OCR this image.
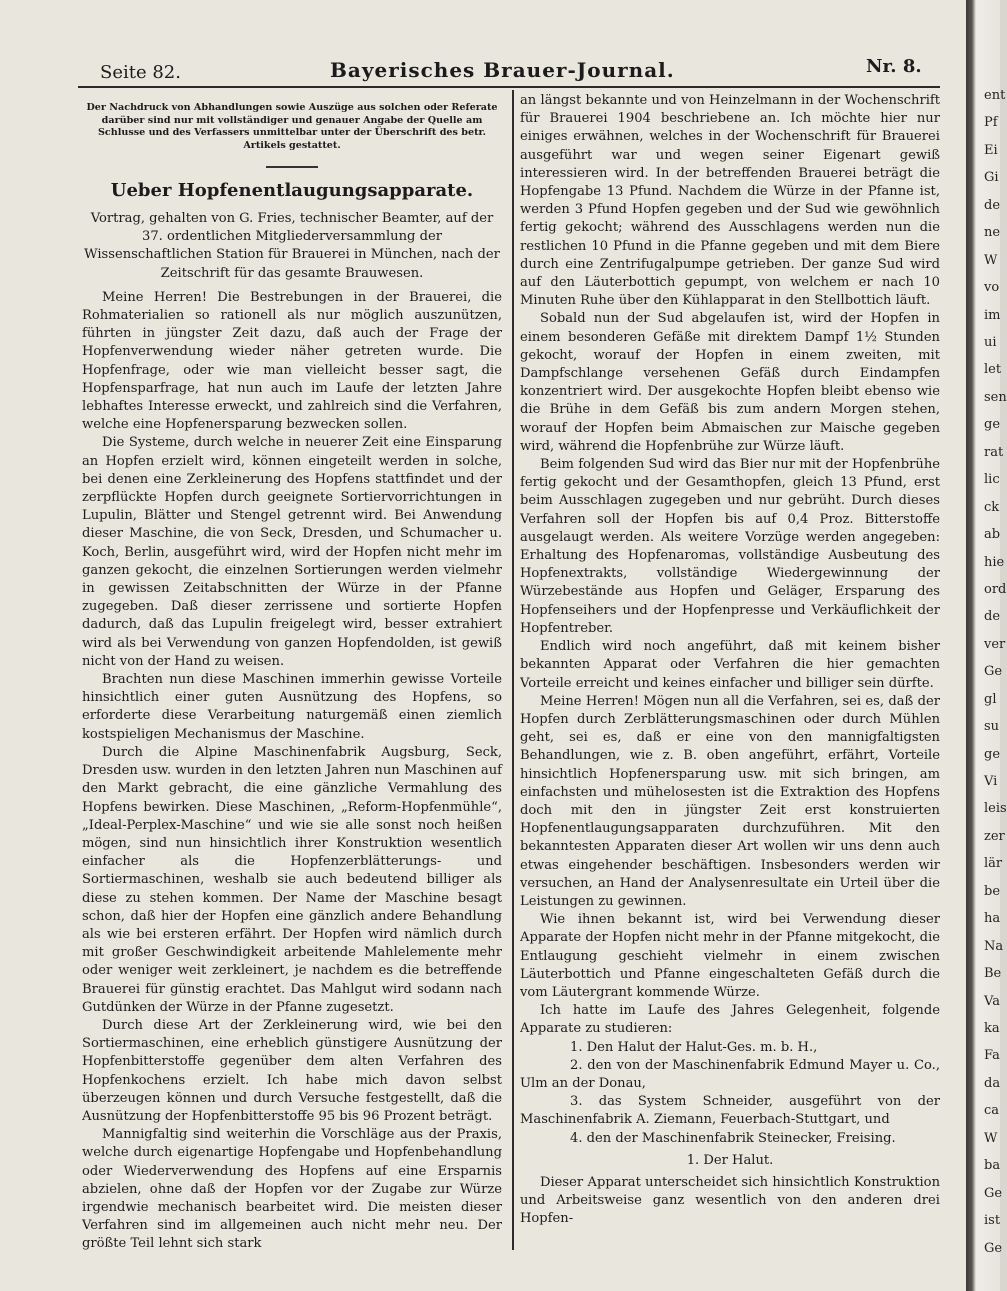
Seite 82.	Bayerisches Brauer-Journal.	Nr. 8.

Der Nachdruck von Abhandlungen sowie Auszüge aus solchen oder Referate darüber sind nur mit vollständiger und genauer Angabe der Quelle am Schlusse und des Verfassers unmittelbar unter der Überschrift des betr. Artikels gestattet.

Ueber Hopfenentlaugungsapparate.

Vortrag, gehalten von G. Fries, technischer Beamter, auf der 37. ordentlichen Mitgliederversammlung der Wissenschaftlichen Station für Brauerei in München, nach der Zeitschrift für das gesamte Brauwesen.

Meine Herren! Die Bestrebungen in der Brauerei, die Rohmaterialien so rationell als nur möglich auszunützen, führten in jüngster Zeit dazu, daß auch der Frage der Hopfenverwendung wieder näher getreten wurde. Die Hopfenfrage, oder wie man vielleicht besser sagt, die Hopfensparfrage, hat nun auch im Laufe der letzten Jahre lebhaftes Interesse erweckt, und zahlreich sind die Verfahren, welche eine Hopfenersparung bezwecken sollen.

Die Systeme, durch welche in neuerer Zeit eine Einsparung an Hopfen erzielt wird, können eingeteilt werden in solche, bei denen eine Zerkleinerung des Hopfens stattfindet und der zerpflückte Hopfen durch geeignete Sortiervorrichtungen in Lupulin, Blätter und Stengel getrennt wird. Bei Anwendung dieser Maschine, die von Seck, Dresden, und Schumacher u. Koch, Berlin, ausgeführt wird, wird der Hopfen nicht mehr im ganzen gekocht, die einzelnen Sortierungen werden vielmehr in gewissen Zeitabschnitten der Würze in der Pfanne zugegeben. Daß dieser zerrissene und sortierte Hopfen dadurch, daß das Lupulin freigelegt wird, besser extrahiert wird als bei Verwendung von ganzen Hopfendolden, ist gewiß nicht von der Hand zu weisen.

Brachten nun diese Maschinen immerhin gewisse Vorteile hinsichtlich einer guten Ausnützung des Hopfens, so erforderte diese Verarbeitung naturgemäß einen ziemlich kostspieligen Mechanismus der Maschine.

Durch die Alpine Maschinenfabrik Augsburg, Seck, Dresden usw. wurden in den letzten Jahren nun Maschinen auf den Markt gebracht, die eine gänzliche Vermahlung des Hopfens bewirken. Diese Maschinen, „Reform-Hopfenmühle“, „Ideal-Perplex-Maschine“ und wie sie alle sonst noch heißen mögen, sind nun hinsichtlich ihrer Konstruktion wesentlich einfacher als die Hopfenzerblätterungs- und Sortiermaschinen, weshalb sie auch bedeutend billiger als diese zu stehen kommen. Der Name der Maschine besagt schon, daß hier der Hopfen eine gänzlich andere Behandlung als wie bei ersteren erfährt. Der Hopfen wird nämlich durch mit großer Geschwindigkeit arbeitende Mahlelemente mehr oder weniger weit zerkleinert, je nachdem es die betreffende Brauerei für günstig erachtet. Das Mahlgut wird sodann nach Gutdünken der Würze in der Pfanne zugesetzt.

Durch diese Art der Zerkleinerung wird, wie bei den Sortiermaschinen, eine erheblich günstigere Ausnützung der Hopfenbitterstoffe gegenüber dem alten Verfahren des Hopfenkochens erzielt. Ich habe mich davon selbst überzeugen können und durch Versuche festgestellt, daß die Ausnützung der Hopfenbitterstoffe 95 bis 96 Prozent beträgt.

Mannigfaltig sind weiterhin die Vorschläge aus der Praxis, welche durch eigenartige Hopfengabe und Hopfenbehandlung oder Wiederverwendung des Hopfens auf eine Ersparnis abzielen, ohne daß der Hopfen vor der Zugabe zur Würze irgendwie mechanisch bearbeitet wird. Die meisten dieser Verfahren sind im allgemeinen auch nicht mehr neu. Der größte Teil lehnt sich stark

an längst bekannte und von Heinzelmann in der Wochenschrift für Brauerei 1904 beschriebene an. Ich möchte hier nur einiges erwähnen, welches in der Wochenschrift für Brauerei ausgeführt war und wegen seiner Eigenart gewiß interessieren wird. In der betreffenden Brauerei beträgt die Hopfengabe 13 Pfund. Nachdem die Würze in der Pfanne ist, werden 3 Pfund Hopfen gegeben und der Sud wie gewöhnlich fertig gekocht; während des Ausschlagens werden nun die restlichen 10 Pfund in die Pfanne gegeben und mit dem Biere durch eine Zentrifugalpumpe getrieben. Der ganze Sud wird auf den Läuterbottich gepumpt, von welchem er nach 10 Minuten Ruhe über den Kühlapparat in den Stellbottich läuft.

Sobald nun der Sud abgelaufen ist, wird der Hopfen in einem besonderen Gefäße mit direktem Dampf 1½ Stunden gekocht, worauf der Hopfen in einem zweiten, mit Dampfschlange versehenen Gefäß durch Eindampfen konzentriert wird. Der ausgekochte Hopfen bleibt ebenso wie die Brühe in dem Gefäß bis zum andern Morgen stehen, worauf der Hopfen beim Abmaischen zur Maische gegeben wird, während die Hopfenbrühe zur Würze läuft.

Beim folgenden Sud wird das Bier nur mit der Hopfenbrühe fertig gekocht und der Gesamthopfen, gleich 13 Pfund, erst beim Ausschlagen zugegeben und nur gebrüht. Durch dieses Verfahren soll der Hopfen bis auf 0,4 Proz. Bitterstoffe ausgelaugt werden. Als weitere Vorzüge werden angegeben: Erhaltung des Hopfenaromas, vollständige Ausbeutung des Hopfenextrakts, vollständige Wiedergewinnung der Würzebestände aus Hopfen und Geläger, Ersparung des Hopfenseihers und der Hopfenpresse und Verkäuflichkeit der Hopfentreber.

Endlich wird noch angeführt, daß mit keinem bisher bekannten Apparat oder Verfahren die hier gemachten Vorteile erreicht und keines einfacher und billiger sein dürfte.

Meine Herren! Mögen nun all die Verfahren, sei es, daß der Hopfen durch Zerblätterungsmaschinen oder durch Mühlen geht, sei es, daß er eine von den mannigfaltigsten Behandlungen, wie z. B. oben angeführt, erfährt, Vorteile hinsichtlich Hopfenersparung usw. mit sich bringen, am einfachsten und mühelosesten ist die Extraktion des Hopfens doch mit den in jüngster Zeit erst konstruierten Hopfenentlaugungsapparaten durchzuführen. Mit den bekanntesten Apparaten dieser Art wollen wir uns denn auch etwas eingehender beschäftigen. Insbesonders werden wir versuchen, an Hand der Analysenresultate ein Urteil über die Leistungen zu gewinnen.

Wie ihnen bekannt ist, wird bei Verwendung dieser Apparate der Hopfen nicht mehr in der Pfanne mitgekocht, die Entlaugung geschieht vielmehr in einem zwischen Läuterbottich und Pfanne eingeschalteten Gefäß durch die vom Läutergrant kommende Würze.

Ich hatte im Laufe des Jahres Gelegenheit, folgende Apparate zu studieren:

1. Den Halut der Halut-Ges. m. b. H.,

2. den von der Maschinenfabrik Edmund Mayer u. Co., Ulm an der Donau,

3. das System Schneider, ausgeführt von der Maschinenfabrik A. Ziemann, Feuerbach-Stuttgart, und

4. den der Maschinenfabrik Steinecker, Freising.

1. Der Halut.

Dieser Apparat unterscheidet sich hinsichtlich Konstruktion und Arbeitsweise ganz wesentlich von den anderen drei Hopfen-

ent
Pf
Ei
Gi
de
ne
W
vo
im
ui
let
sen
ge
rat
lic
ck
ab
hie
ord
de
ver
Ge
gl
su
ge
Vi
leis
zer
lär
be
ha
Na
Be
Va
ka
Fa
da
ca
W
ba
Ge
ist
Ge
